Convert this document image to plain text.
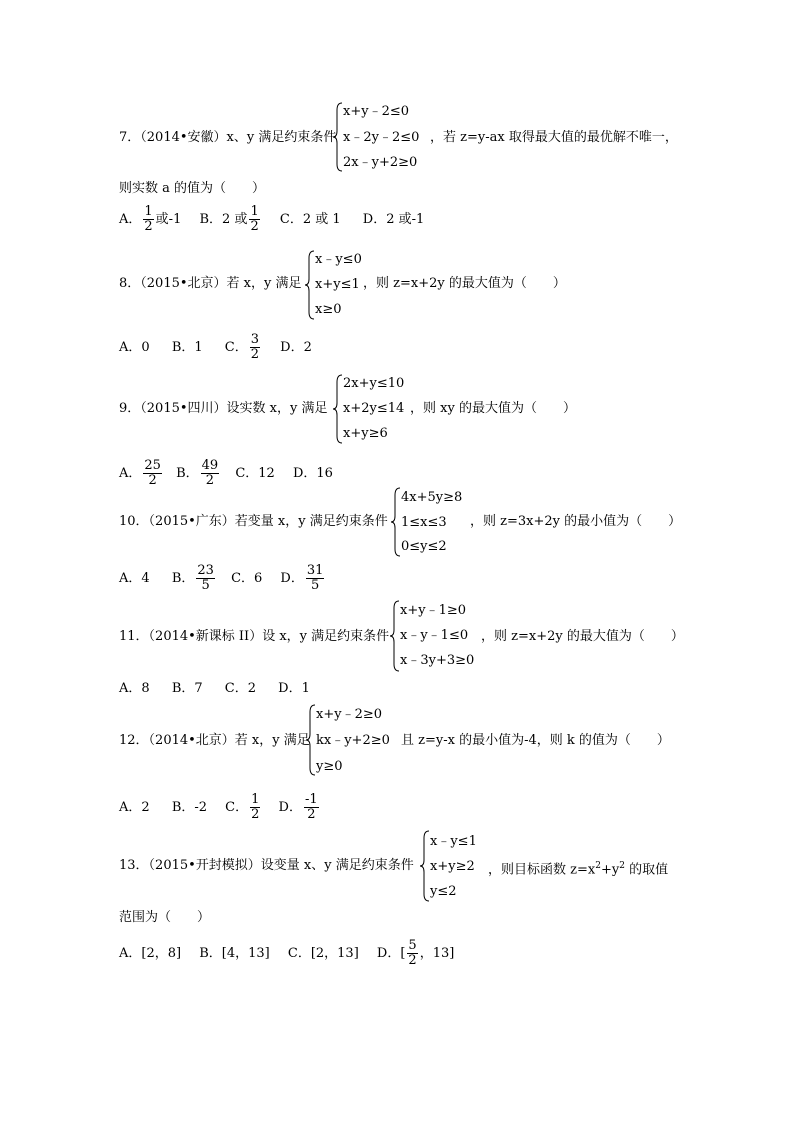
7．（2014•安徽）x、y 满足约束条件
x+y﹣2≤0
x﹣2y﹣2≤0
2x﹣y+2≥0
，若 z=y-ax 取得最大值的最优解不唯一，
则实数 a 的值为（　　）
A． $\frac{1}{2}$ 或-1 B．2 或 $\frac{1}{2}$ C．2 或 1 D．2 或-1
8．（2015•北京）若 x，y 满足
x﹣y≤0
x+y≤1
x≥0
，则 z=x+2y 的最大值为（　　）
A．0 B．1 C． $\frac{3}{2}$ D．2
9．（2015•四川）设实数 x，y 满足
2x+y≤10
x+2y≤14
x+y≥6
，则 xy 的最大值为（　　）
A． $\frac{25}{2}$ B． $\frac{49}{2}$ C．12 D．16
10．（2015•广东）若变量 x，y 满足约束条件
4x+5y≥8
1≤x≤3
0≤y≤2
，则 z=3x+2y 的最小值为（　　）
A．4 B． $\frac{23}{5}$ C．6 D． $\frac{31}{5}$
11．（2014•新课标 II）设 x，y 满足约束条件
x+y﹣1≥0
x﹣y﹣1≤0
x﹣3y+3≥0
，则 z=x+2y 的最大值为（　　）
A．8 B．7 C．2 D．1
12．（2014•北京）若 x，y 满足
x+y﹣2≥0
kx﹣y+2≥0
y≥0
且 z=y-x 的最小值为-4，则 k 的值为（　　）
A．2 B．-2 C． $\frac{1}{2}$ D． $\frac{-1}{2}$
13．（2015•开封模拟）设变量 x、y 满足约束条件
x﹣y≤1
x+y≥2
y≤2
，则目标函数 $z=x^2+y^2$ 的取值
范围为（　　）
A．[2，8] B．[4，13] C．[2，13] D．[ $\frac{5}{2}$ ，13]
